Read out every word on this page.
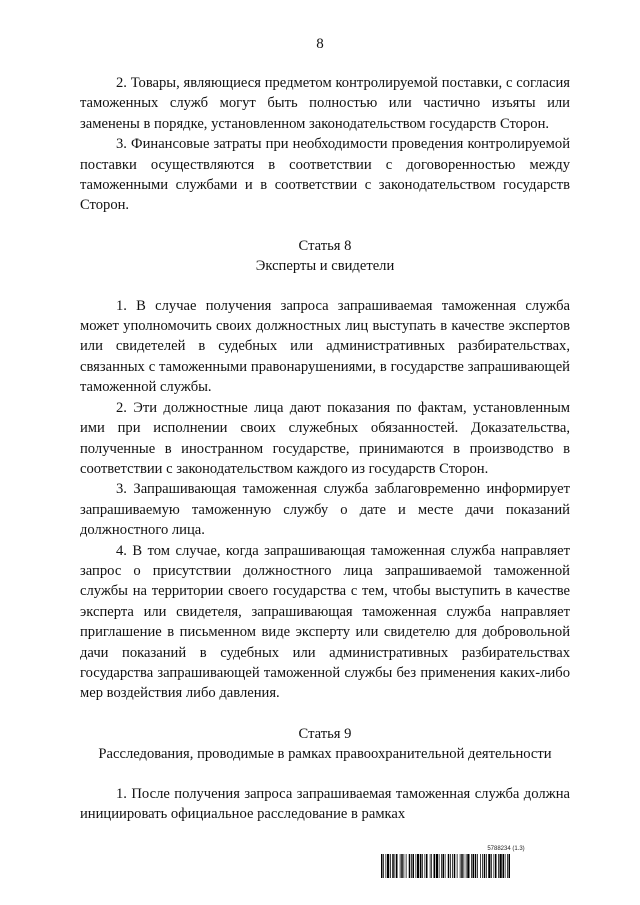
8

2. Товары, являющиеся предметом контролируемой поставки, с согласия таможенных служб могут быть полностью или частично изъяты или заменены в порядке, установленном законодательством государств Сторон.

3. Финансовые затраты при необходимости проведения контролируемой поставки осуществляются в соответствии с договоренностью между таможенными службами и в соответствии с законодательством государств Сторон.

Статья 8

Эксперты и свидетели

1. В случае получения запроса запрашиваемая таможенная служба может уполномочить своих должностных лиц выступать в качестве экспертов или свидетелей в судебных или административных разбирательствах, связанных с таможенными правонарушениями, в государстве запрашивающей таможенной службы.

2. Эти должностные лица дают показания по фактам, установленным ими при исполнении своих служебных обязанностей. Доказательства, полученные в иностранном государстве, принимаются в производство в соответствии с законодательством каждого из государств Сторон.

3. Запрашивающая таможенная служба заблаговременно информирует запрашиваемую таможенную службу о дате и месте дачи показаний должностного лица.

4. В том случае, когда запрашивающая таможенная служба направляет запрос о присутствии должностного лица запрашиваемой таможенной службы на территории своего государства с тем, чтобы выступить в качестве эксперта или свидетеля, запрашивающая таможенная служба направляет приглашение в письменном виде эксперту или свидетелю для добровольной дачи показаний в судебных или административных разбирательствах государства запрашивающей таможенной службы без применения каких-либо мер воздействия либо давления.

Статья 9

Расследования, проводимые в рамках правоохранительной деятельности

1. После получения запроса запрашиваемая таможенная служба должна инициировать официальное расследование в рамках

5788234 (1.3)
